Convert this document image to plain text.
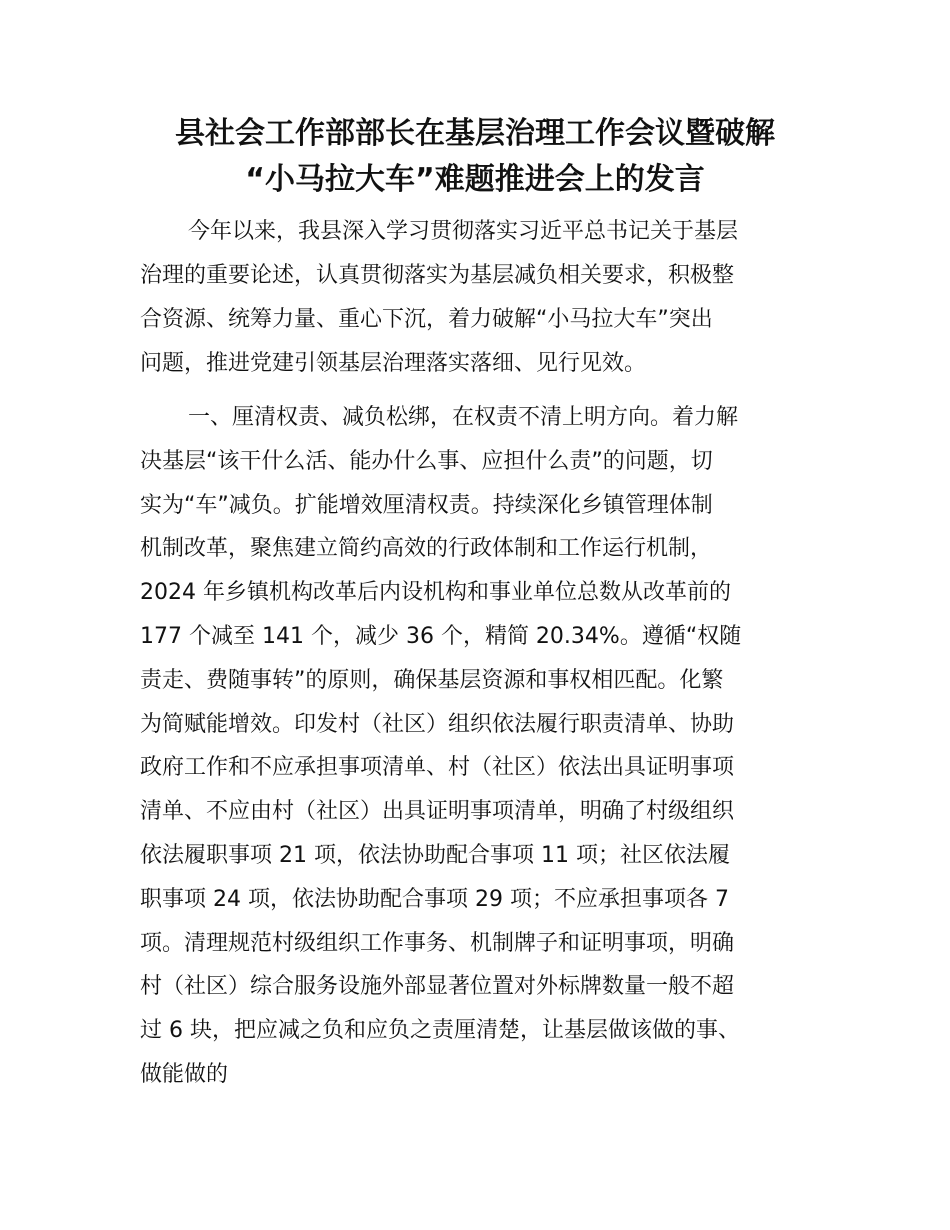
县社会工作部部长在基层治理工作会议暨破解
“小马拉大车”难题推进会上的发言

今年以来，我县深入学习贯彻落实习近平总书记关于基层

治理的重要论述，认真贯彻落实为基层减负相关要求，积极整

合资源、统筹力量、重心下沉，着力破解“小马拉大车”突出

问题，推进党建引领基层治理落实落细、见行见效。

一、厘清权责、减负松绑，在权责不清上明方向。着力解

决基层“该干什么活、能办什么事、应担什么责”的问题，切

实为“车”减负。扩能增效厘清权责。持续深化乡镇管理体制

机制改革，聚焦建立简约高效的行政体制和工作运行机制，

2024 年乡镇机构改革后内设机构和事业单位总数从改革前的

177 个减至 141 个，减少 36 个，精简 20.34%。遵循“权随

责走、费随事转”的原则，确保基层资源和事权相匹配。化繁

为简赋能增效。印发村（社区）组织依法履行职责清单、协助

政府工作和不应承担事项清单、村（社区）依法出具证明事项

清单、不应由村（社区）出具证明事项清单，明确了村级组织

依法履职事项 21 项，依法协助配合事项 11 项；社区依法履

职事项 24 项，依法协助配合事项 29 项；不应承担事项各 7

项。清理规范村级组织工作事务、机制牌子和证明事项，明确

村（社区）综合服务设施外部显著位置对外标牌数量一般不超

过 6 块，把应减之负和应负之责厘清楚，让基层做该做的事、

做能做的
